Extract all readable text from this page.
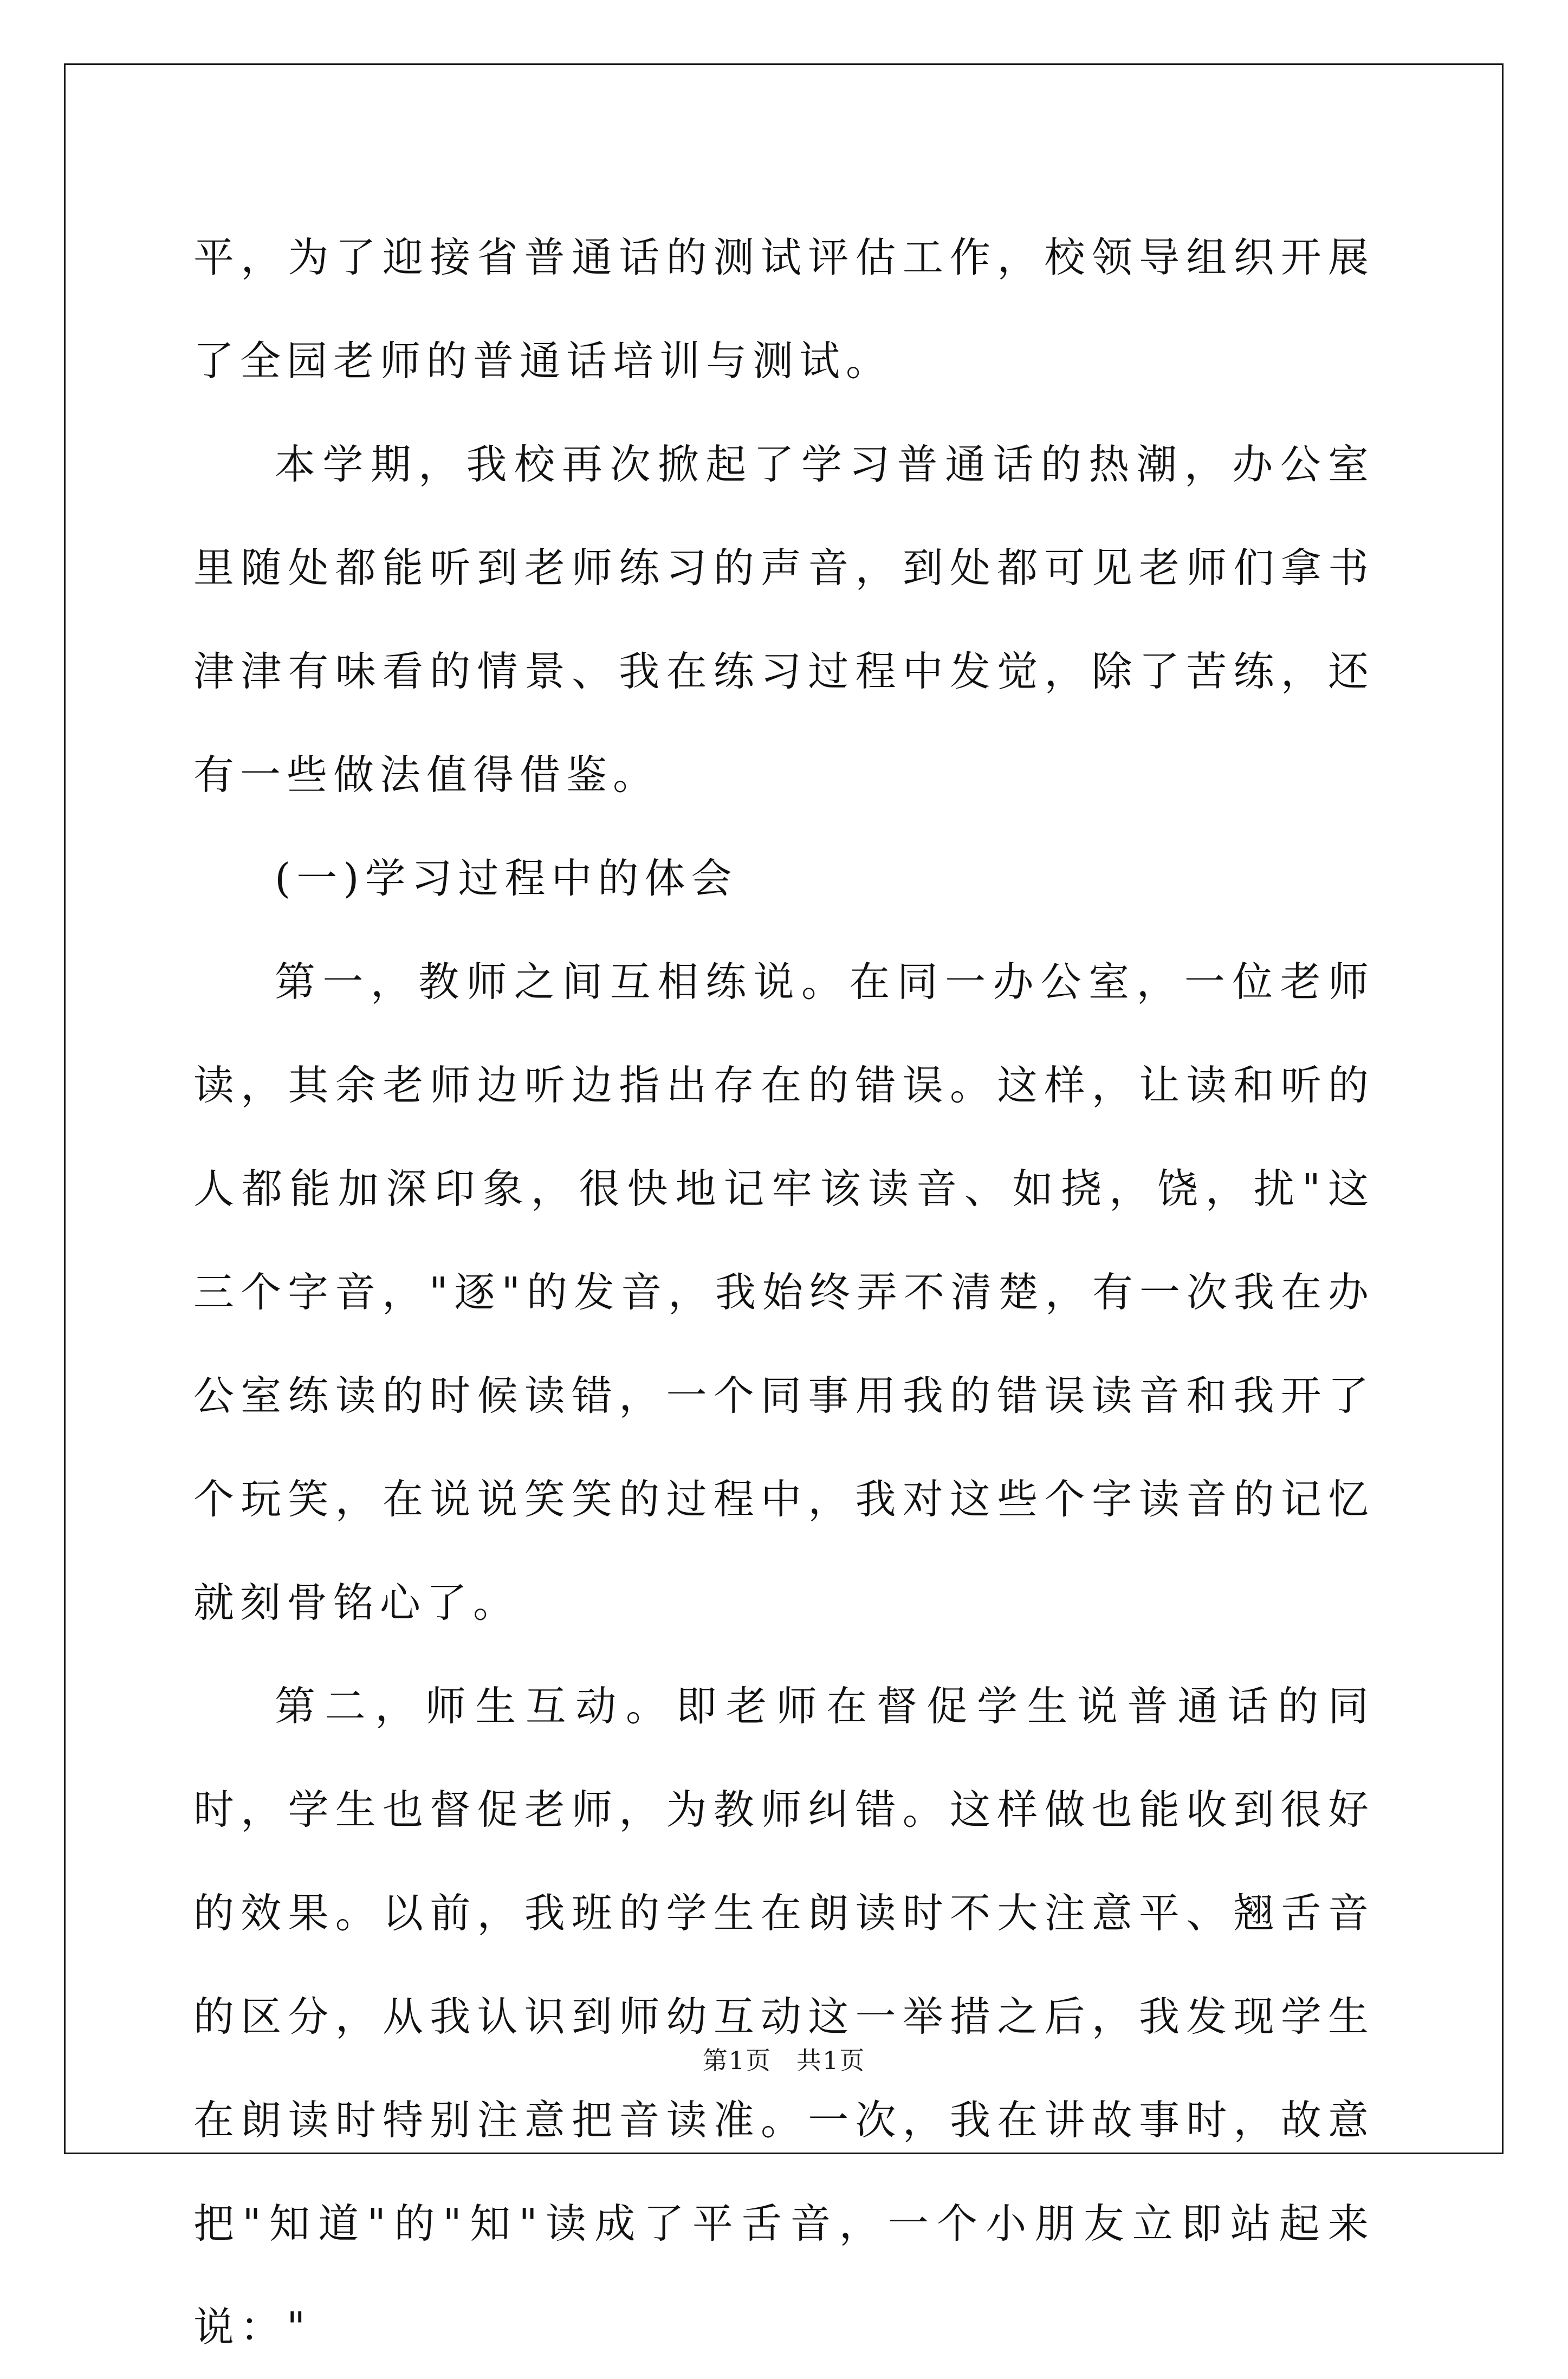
平，为了迎接省普通话的测试评估工作，校领导组织开展了全园老师的普通话培训与测试。

本学期，我校再次掀起了学习普通话的热潮，办公室里随处都能听到老师练习的声音，到处都可见老师们拿书津津有味看的情景、我在练习过程中发觉，除了苦练，还有一些做法值得借鉴。

(一)学习过程中的体会

第一，教师之间互相练说。在同一办公室，一位老师读，其余老师边听边指出存在的错误。这样，让读和听的人都能加深印象，很快地记牢该读音、如挠，饶，扰"这三个字音，"逐"的发音，我始终弄不清楚，有一次我在办公室练读的时候读错，一个同事用我的错误读音和我开了个玩笑，在说说笑笑的过程中，我对这些个字读音的记忆就刻骨铭心了。

第二，师生互动。即老师在督促学生说普通话的同时，学生也督促老师，为教师纠错。这样做也能收到很好的效果。以前，我班的学生在朗读时不大注意平、翘舌音的区分，从我认识到师幼互动这一举措之后，我发现学生在朗读时特别注意把音读准。一次，我在讲故事时，故意把"知道"的"知"读成了平舌音，一个小朋友立即站起来说："

第1页 共1页
